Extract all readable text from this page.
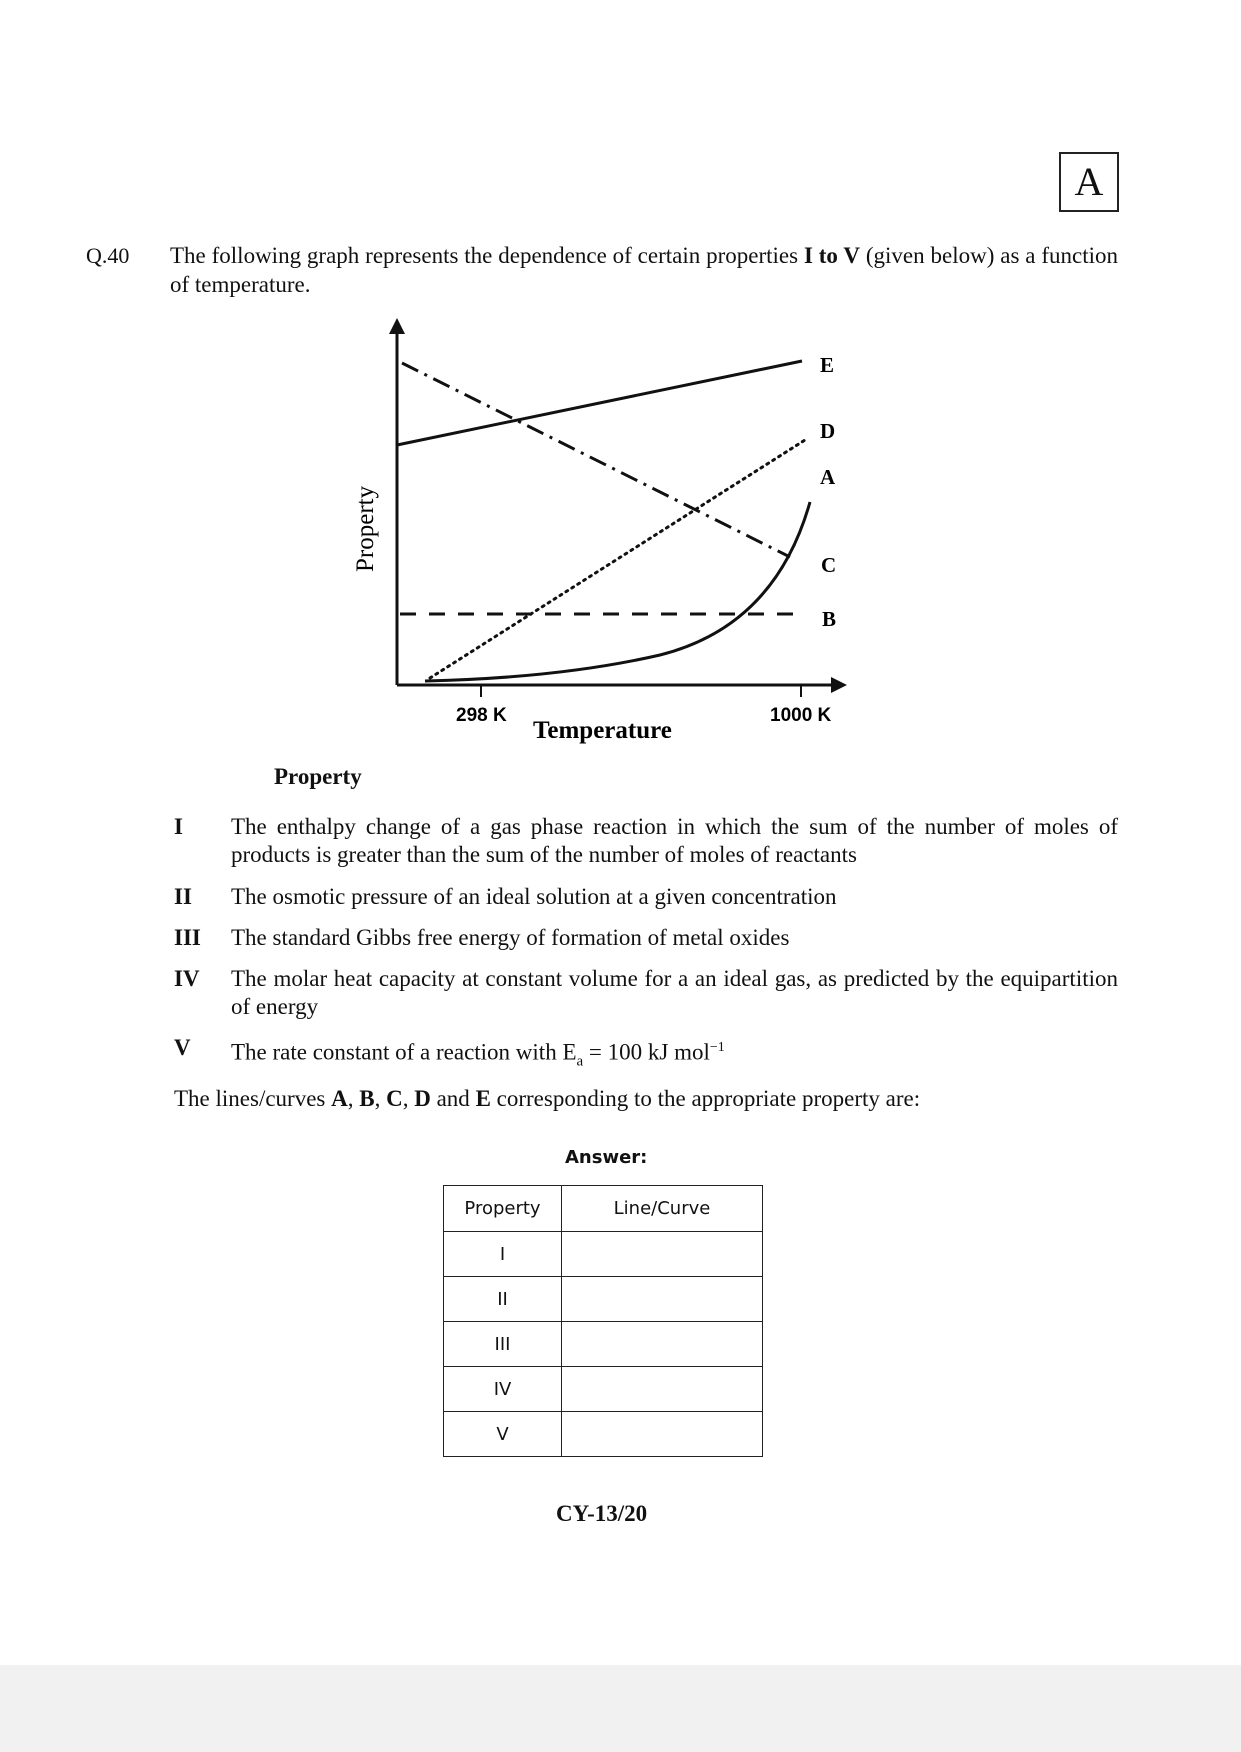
A
Q.40 The following graph represents the dependence of certain properties I to V (given below) as a function of temperature.
E
D
A
C
B
Property
298 K	1000 K
Temperature
Property
I The enthalpy change of a gas phase reaction in which the sum of the number of moles of products is greater than the sum of the number of moles of reactants
II The osmotic pressure of an ideal solution at a given concentration
III The standard Gibbs free energy of formation of metal oxides
IV The molar heat capacity at constant volume for a an ideal gas, as predicted by the equipartition of energy
V The rate constant of a reaction with $E_a = 100$ kJ mol$^{-1}$
The lines/curves A, B, C, D and E corresponding to the appropriate property are:
Answer:
Property	Line/Curve
I	
II	
III	
IV	
V	
CY-13/20
